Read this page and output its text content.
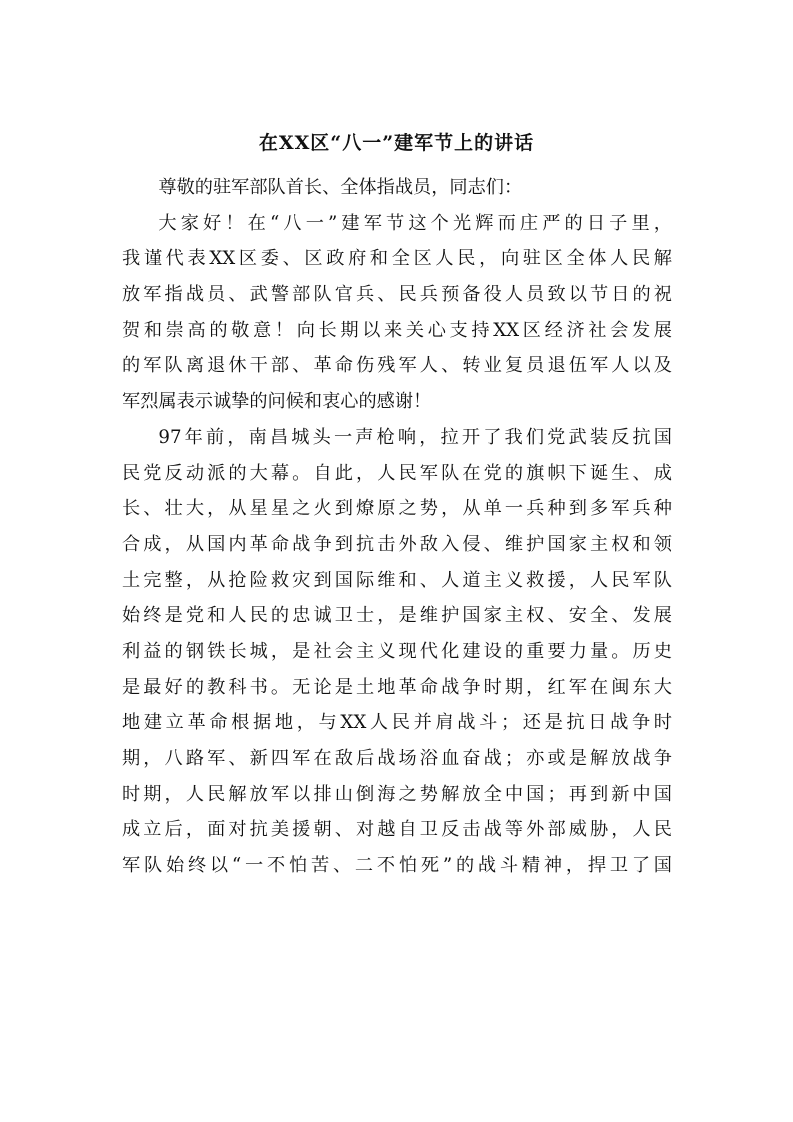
在XX区“八一”建军节上的讲话

尊敬的驻军部队首长、全体指战员，同志们：

大家好！在“八一”建军节这个光辉而庄严的日子里，
我谨代表XX区委、区政府和全区人民，向驻区全体人民解
放军指战员、武警部队官兵、民兵预备役人员致以节日的祝
贺和崇高的敬意！向长期以来关心支持XX区经济社会发展
的军队离退休干部、革命伤残军人、转业复员退伍军人以及
军烈属表示诚挚的问候和衷心的感谢！
97年前，南昌城头一声枪响，拉开了我们党武装反抗国
民党反动派的大幕。自此，人民军队在党的旗帜下诞生、成
长、壮大，从星星之火到燎原之势，从单一兵种到多军兵种
合成，从国内革命战争到抗击外敌入侵、维护国家主权和领
土完整，从抢险救灾到国际维和、人道主义救援，人民军队
始终是党和人民的忠诚卫士，是维护国家主权、安全、发展
利益的钢铁长城，是社会主义现代化建设的重要力量。历史
是最好的教科书。无论是土地革命战争时期，红军在闽东大
地建立革命根据地，与XX人民并肩战斗；还是抗日战争时
期，八路军、新四军在敌后战场浴血奋战；亦或是解放战争
时期，人民解放军以排山倒海之势解放全中国；再到新中国
成立后，面对抗美援朝、对越自卫反击战等外部威胁，人民
军队始终以“一不怕苦、二不怕死”的战斗精神，捍卫了国
